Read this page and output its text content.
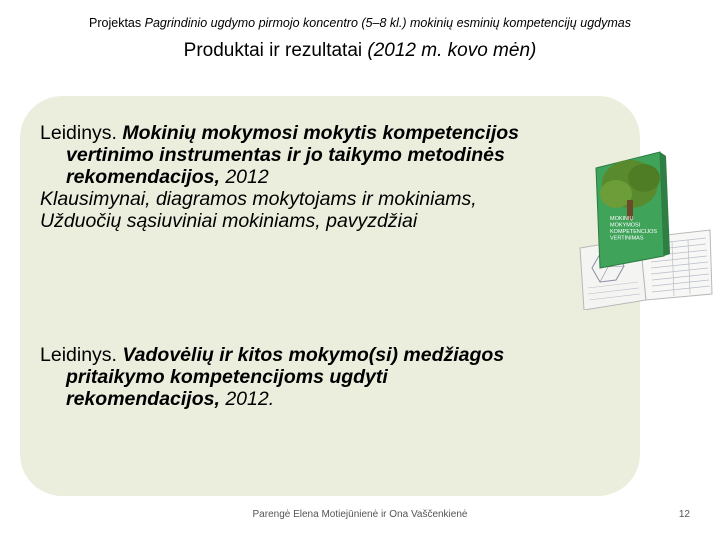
Projektas Pagrindinio ugdymo pirmojo koncentro (5–8 kl.) mokinių esminių kompetencijų ugdymas
Produktai ir rezultatai (2012 m. kovo mėn)
Leidinys. Mokinių mokymosi mokytis kompetencijos
vertinimo instrumentas ir jo taikymo metodinės
rekomendacijos, 2012
Klausimynai, diagramos mokytojams ir mokiniams,
Užduočių sąsiuviniai mokiniams, pavyzdžiai
Leidinys. Vadovėlių ir kitos mokymo(si) medžiagos
pritaikymo kompetencijoms ugdyti
rekomendacijos, 2012.
MOKINIŲ MOKYMOSI KOMPETENCIJOS VERTINIMAS
Parengė Elena Motiejūnienė ir Ona Vaščenkienė	12
